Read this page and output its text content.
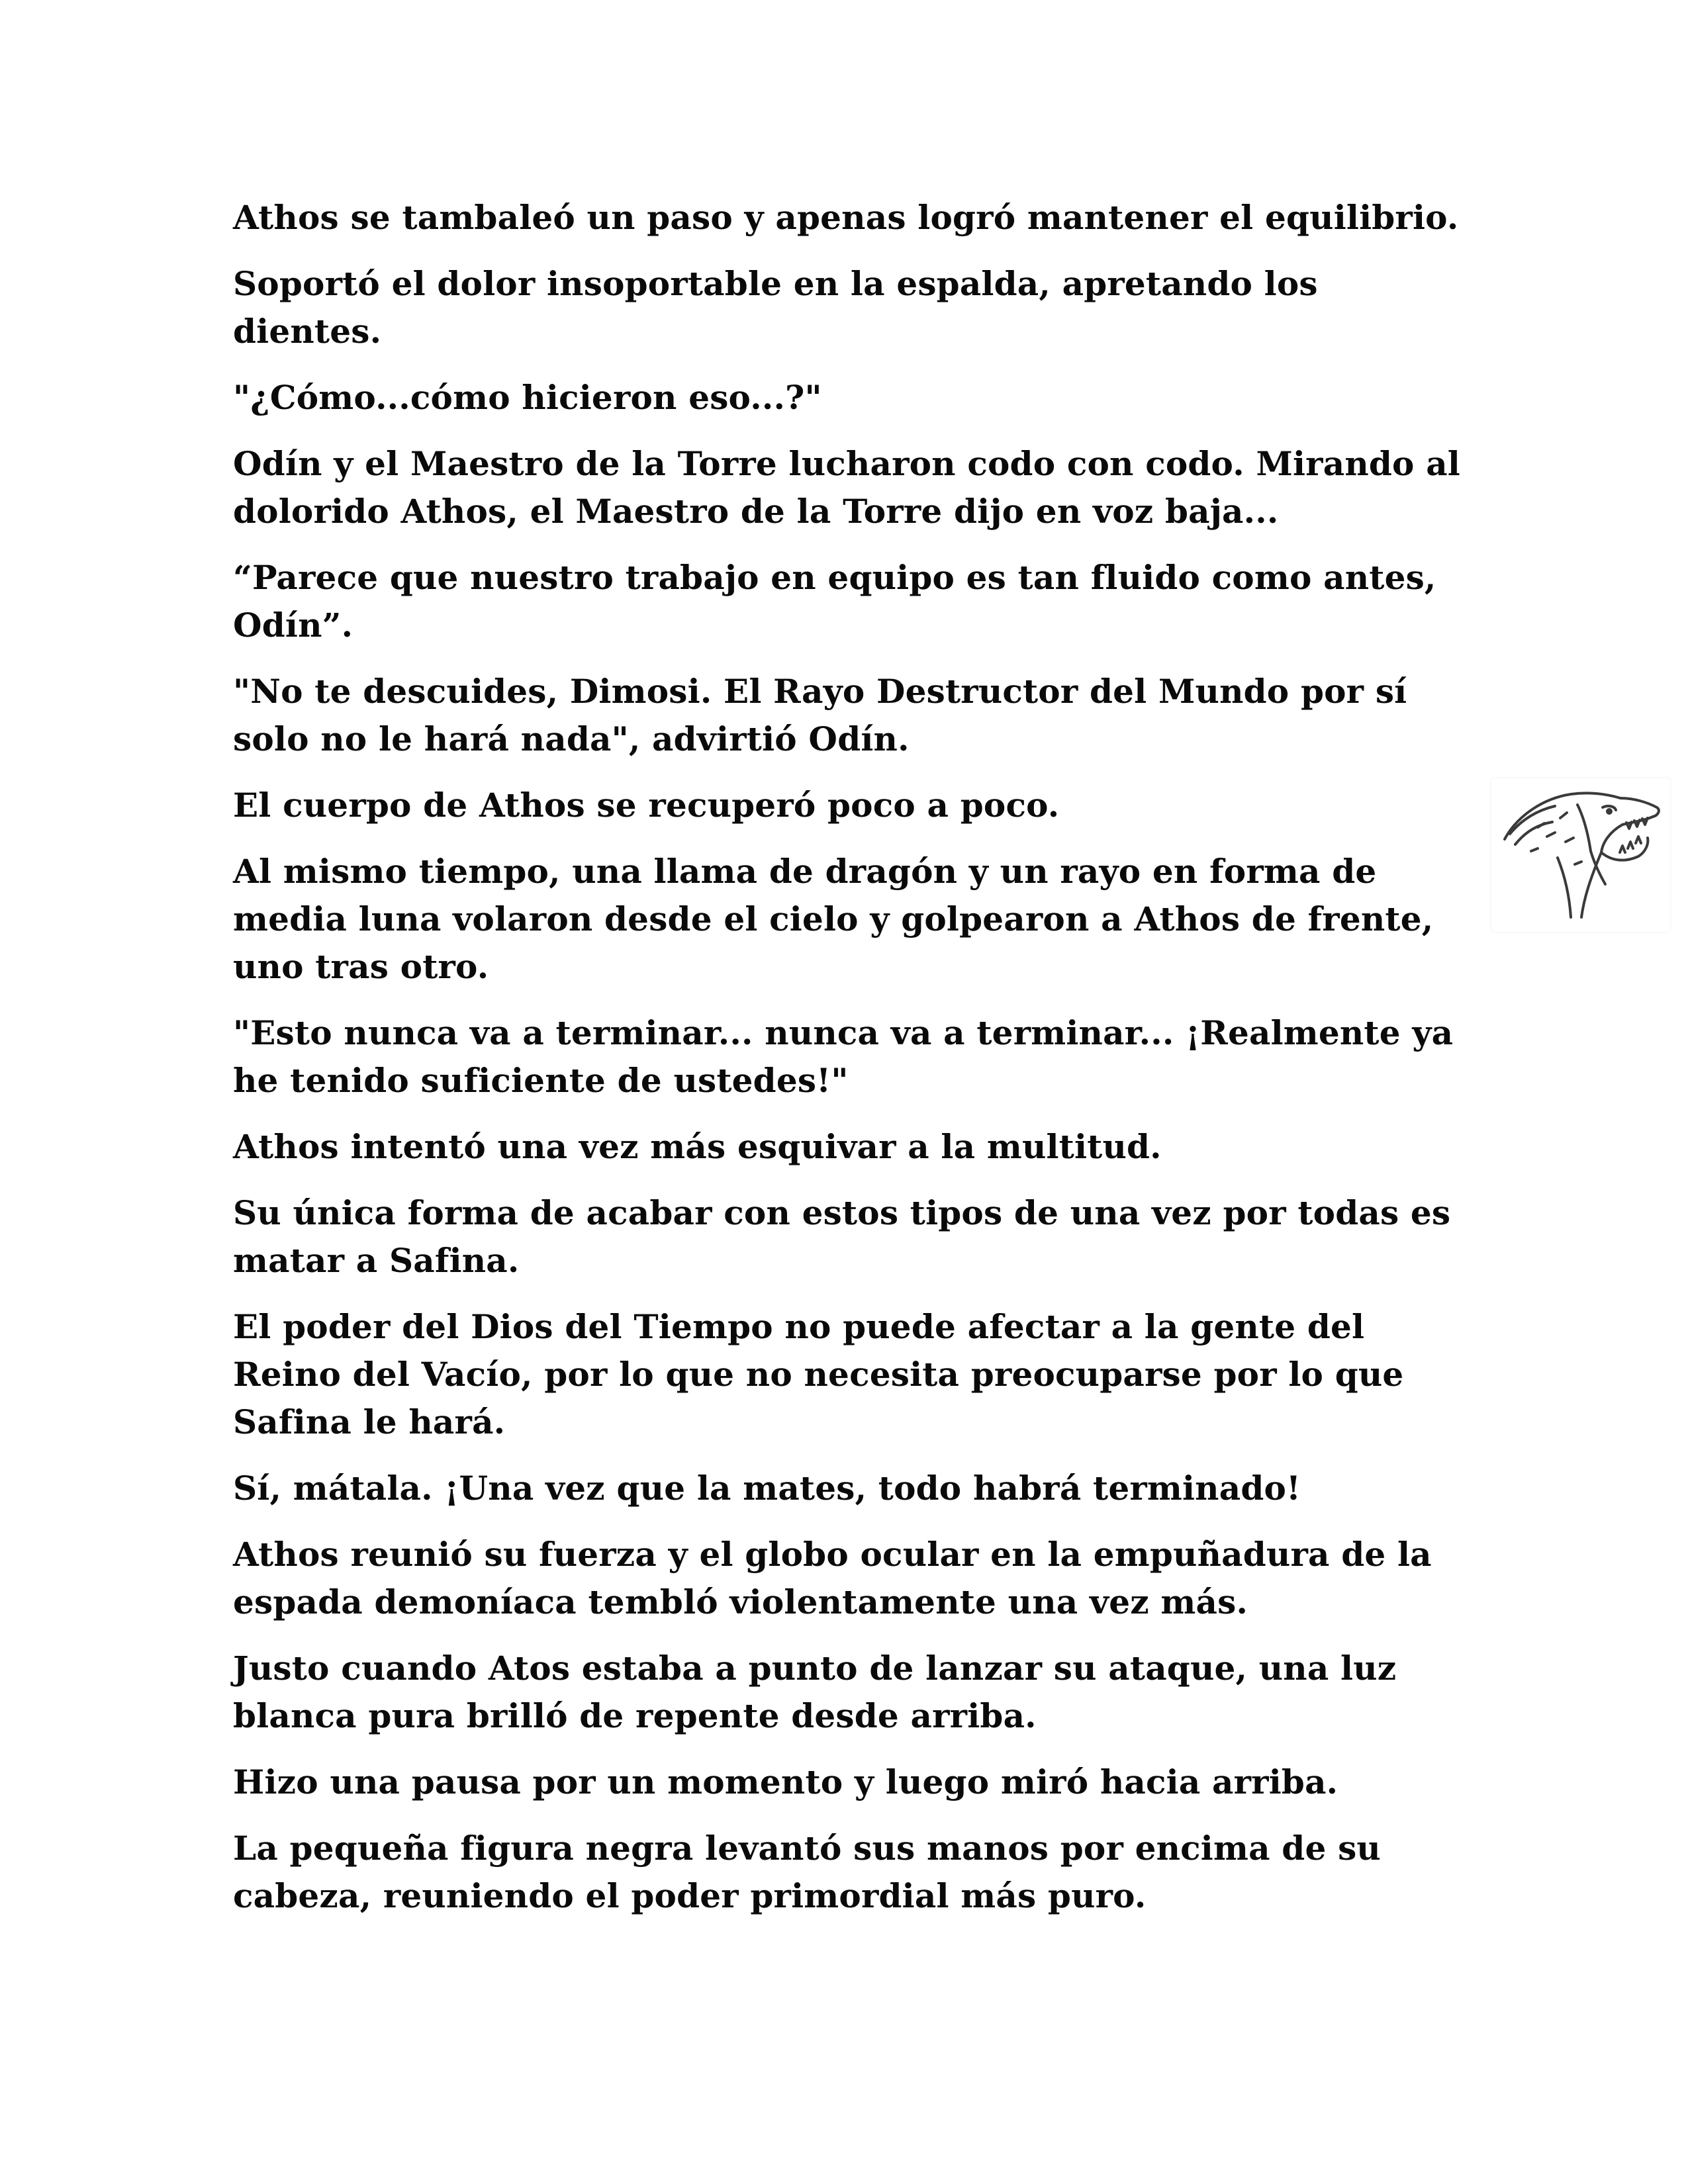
Athos se tambaleó un paso y apenas logró mantener el equilibrio.

Soportó el dolor insoportable en la espalda, apretando los dientes.

"¿Cómo...cómo hicieron eso...?"

Odín y el Maestro de la Torre lucharon codo con codo. Mirando al dolorido Athos, el Maestro de la Torre dijo en voz baja...

“Parece que nuestro trabajo en equipo es tan fluido como antes, Odín”.

"No te descuides, Dimosi. El Rayo Destructor del Mundo por sí solo no le hará nada", advirtió Odín.

El cuerpo de Athos se recuperó poco a poco.

Al mismo tiempo, una llama de dragón y un rayo en forma de media luna volaron desde el cielo y golpearon a Athos de frente, uno tras otro.

"Esto nunca va a terminar... nunca va a terminar... ¡Realmente ya he tenido suficiente de ustedes!"

Athos intentó una vez más esquivar a la multitud.

Su única forma de acabar con estos tipos de una vez por todas es matar a Safina.

El poder del Dios del Tiempo no puede afectar a la gente del Reino del Vacío, por lo que no necesita preocuparse por lo que Safina le hará.

Sí, mátala. ¡Una vez que la mates, todo habrá terminado!

Athos reunió su fuerza y el globo ocular en la empuñadura de la espada demoníaca tembló violentamente una vez más.

Justo cuando Atos estaba a punto de lanzar su ataque, una luz blanca pura brilló de repente desde arriba.

Hizo una pausa por un momento y luego miró hacia arriba.

La pequeña figura negra levantó sus manos por encima de su cabeza, reuniendo el poder primordial más puro.
